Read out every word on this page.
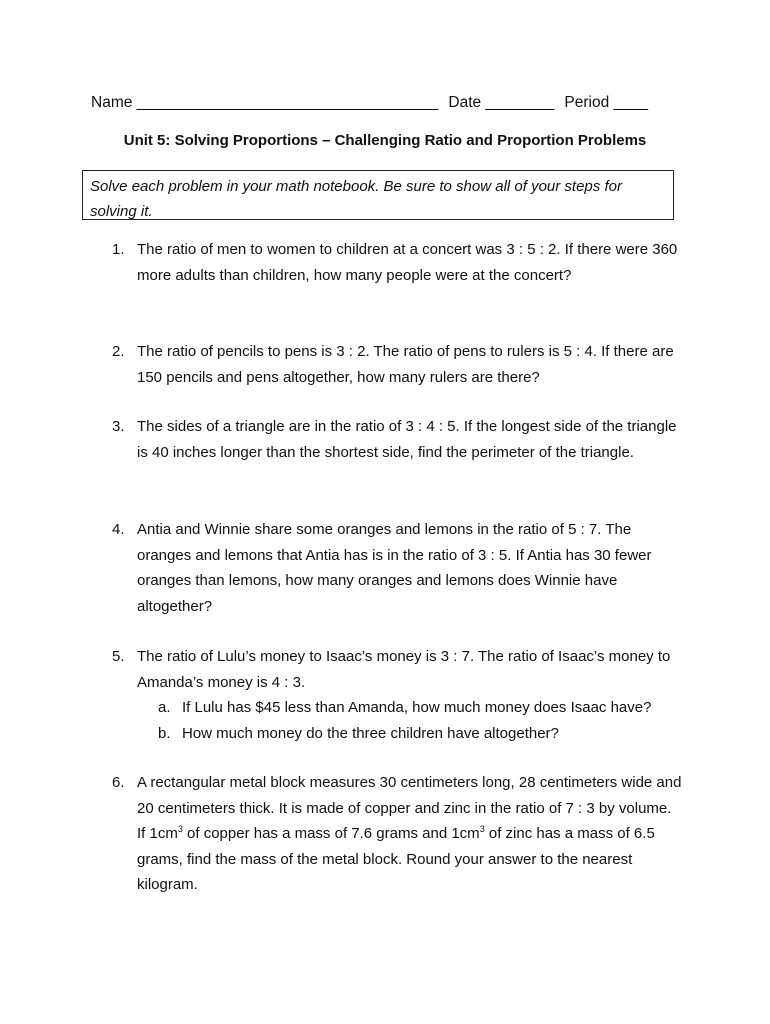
Name ___________________________________ Date ________ Period ____
Unit 5: Solving Proportions – Challenging Ratio and Proportion Problems
Solve each problem in your math notebook. Be sure to show all of your steps for solving it.
1. The ratio of men to women to children at a concert was 3 : 5 : 2. If there were 360 more adults than children, how many people were at the concert?
2. The ratio of pencils to pens is 3 : 2. The ratio of pens to rulers is 5 : 4. If there are 150 pencils and pens altogether, how many rulers are there?
3. The sides of a triangle are in the ratio of 3 : 4 : 5. If the longest side of the triangle is 40 inches longer than the shortest side, find the perimeter of the triangle.
4. Antia and Winnie share some oranges and lemons in the ratio of 5 : 7. The oranges and lemons that Antia has is in the ratio of 3 : 5. If Antia has 30 fewer oranges than lemons, how many oranges and lemons does Winnie have altogether?
5. The ratio of Lulu’s money to Isaac’s money is 3 : 7. The ratio of Isaac’s money to Amanda’s money is 4 : 3.
a. If Lulu has $45 less than Amanda, how much money does Isaac have?
b. How much money do the three children have altogether?
6. A rectangular metal block measures 30 centimeters long, 28 centimeters wide and 20 centimeters thick. It is made of copper and zinc in the ratio of 7 : 3 by volume. If $1cm^3$ of copper has a mass of 7.6 grams and $1cm^3$ of zinc has a mass of 6.5 grams, find the mass of the metal block. Round your answer to the nearest kilogram.
